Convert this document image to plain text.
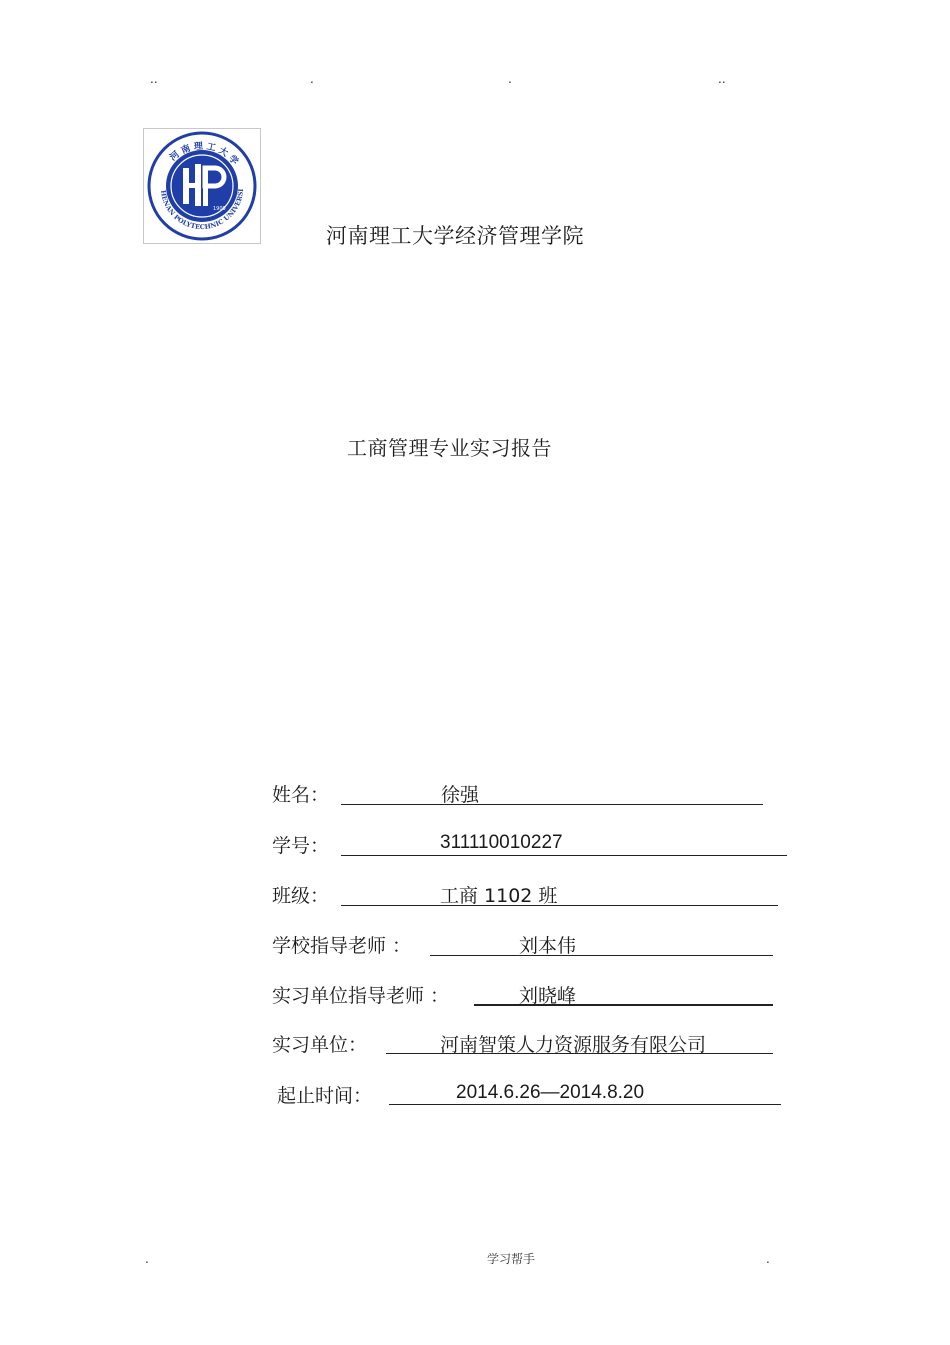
..	.	.	..
HENAN POLYTECHNIC UNIVERSI
河 南 理 工 大 学
1909
河南理工大学经济管理学院
工商管理专业实习报告
姓名：	徐强
学号：	311110010227
班级：	工商 1102 班
学校指导老师 ：	刘本伟
实习单位指导老师 ：	刘晓峰
实习单位：	河南智策人力资源服务有限公司
起止时间：	2014.6.26—2014.8.20
.	学习帮手	.
